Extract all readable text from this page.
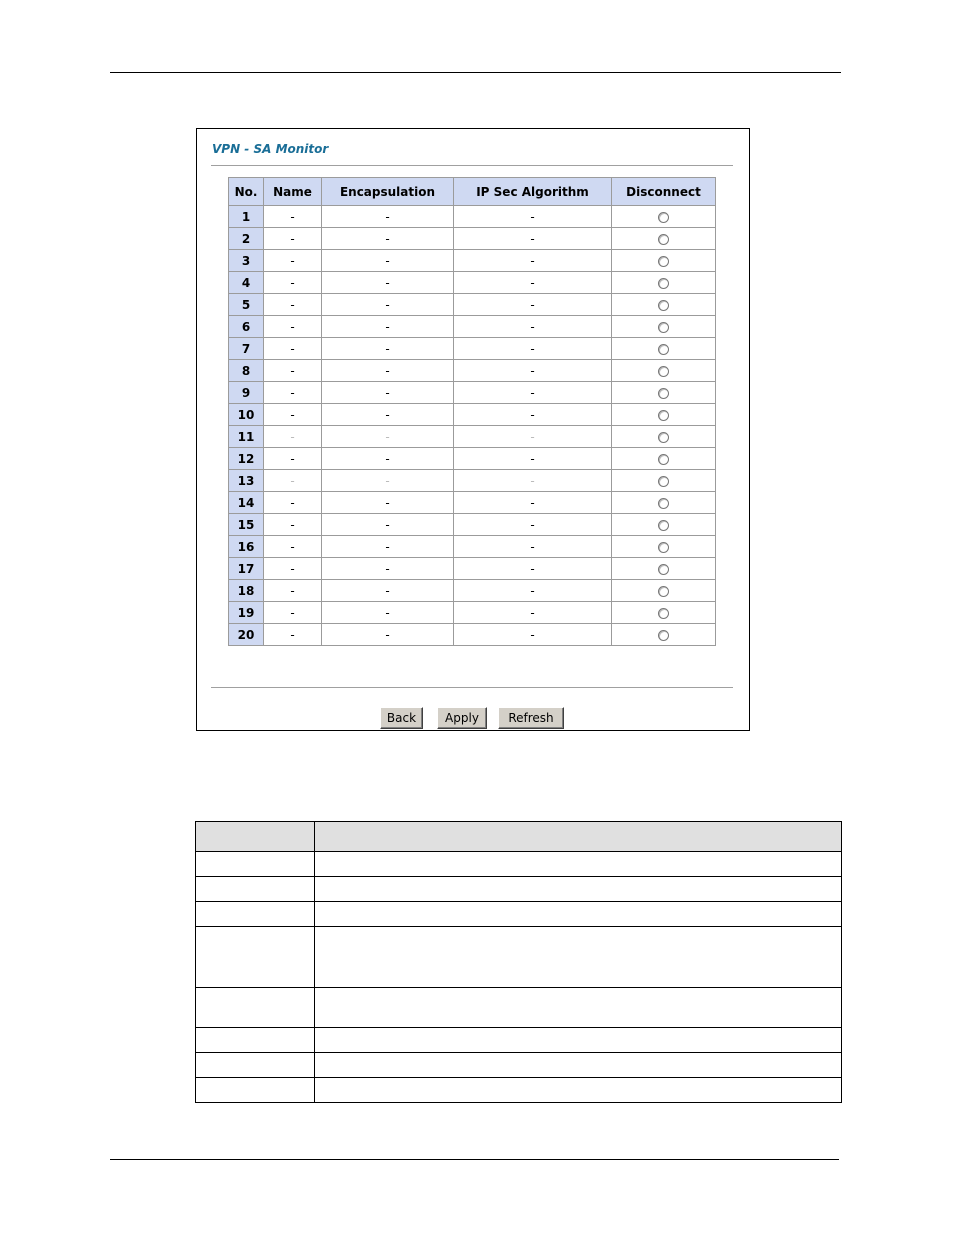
VPN - SA Monitor
No.	Name	Encapsulation	IP Sec Algorithm	Disconnect
1	-	-	-	
2	-	-	-	
3	-	-	-	
4	-	-	-	
5	-	-	-	
6	-	-	-	
7	-	-	-	
8	-	-	-	
9	-	-	-	
10	-	-	-	
11	-	-	-	
12	-	-	-	
13	-	-	-	
14	-	-	-	
15	-	-	-	
16	-	-	-	
17	-	-	-	
18	-	-	-	
19	-	-	-	
20	-	-	-	
Back	Apply	Refresh
